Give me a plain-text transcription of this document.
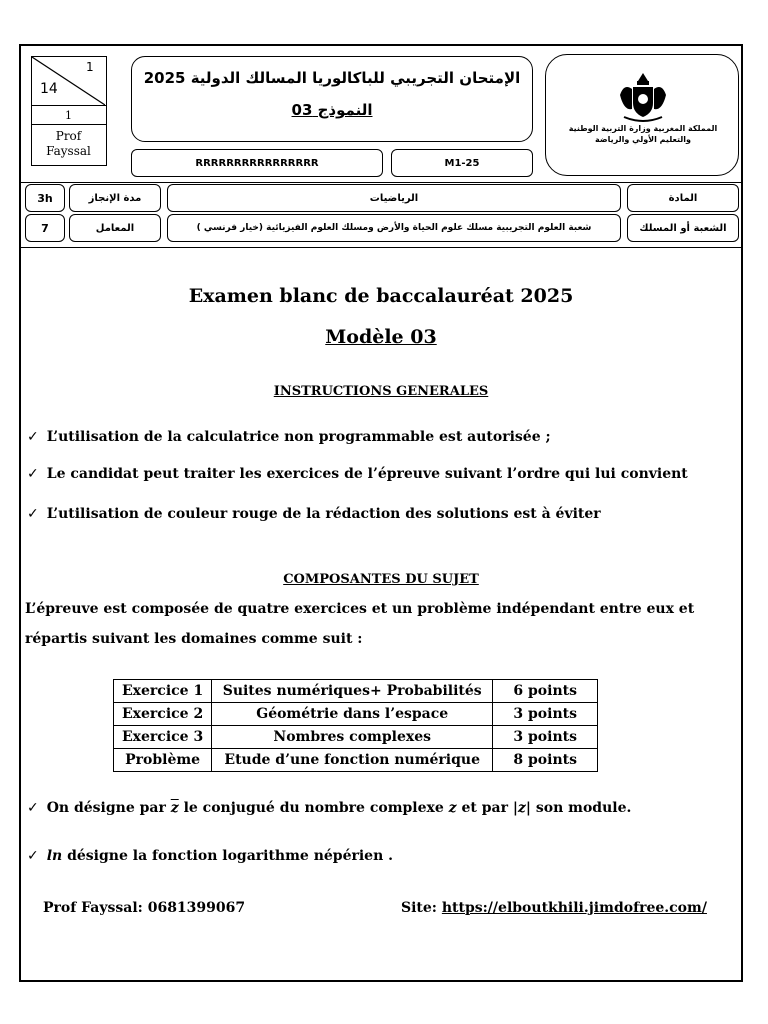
1
14
1
Prof
Fayssal
الإمتحان التجريبي للباكالوريا المسالك الدولية 2025
النموذج 03
RRRRRRRRRRRRRRRR	M1-25
المملكة المغربية وزارة التربية الوطنية والتعليم الأولي والرياضة
3h	مدة الإنجاز	الرياضيات	المادة
7	المعامل	شعبة العلوم التجريبية مسلك علوم الحياة والأرض ومسلك العلوم الفيزيائية (خيار فرنسي )	الشعبة أو المسلك
Examen blanc de baccalauréat 2025
Modèle 03
INSTRUCTIONS GENERALES
✓ L’utilisation de la calculatrice non programmable est autorisée ;
✓ Le candidat peut traiter les exercices de l’épreuve suivant l’ordre qui lui convient
✓ L’utilisation de couleur rouge de la rédaction des solutions est à éviter
COMPOSANTES DU SUJET
L’épreuve est composée de quatre exercices et un problème indépendant entre eux et
répartis suivant les domaines comme suit :
Exercice 1	Suites numériques+ Probabilités	6 points
Exercice 2	Géométrie dans l’espace	3 points
Exercice 3	Nombres complexes	3 points
Problème	Etude d’une fonction numérique	8 points
✓ On désigne par $\overline{z}$ le conjugué du nombre complexe z et par |z| son module.
✓ ln désigne la fonction logarithme népérien .
Prof Fayssal: 0681399067	Site: https://elboutkhili.jimdofree.com/
